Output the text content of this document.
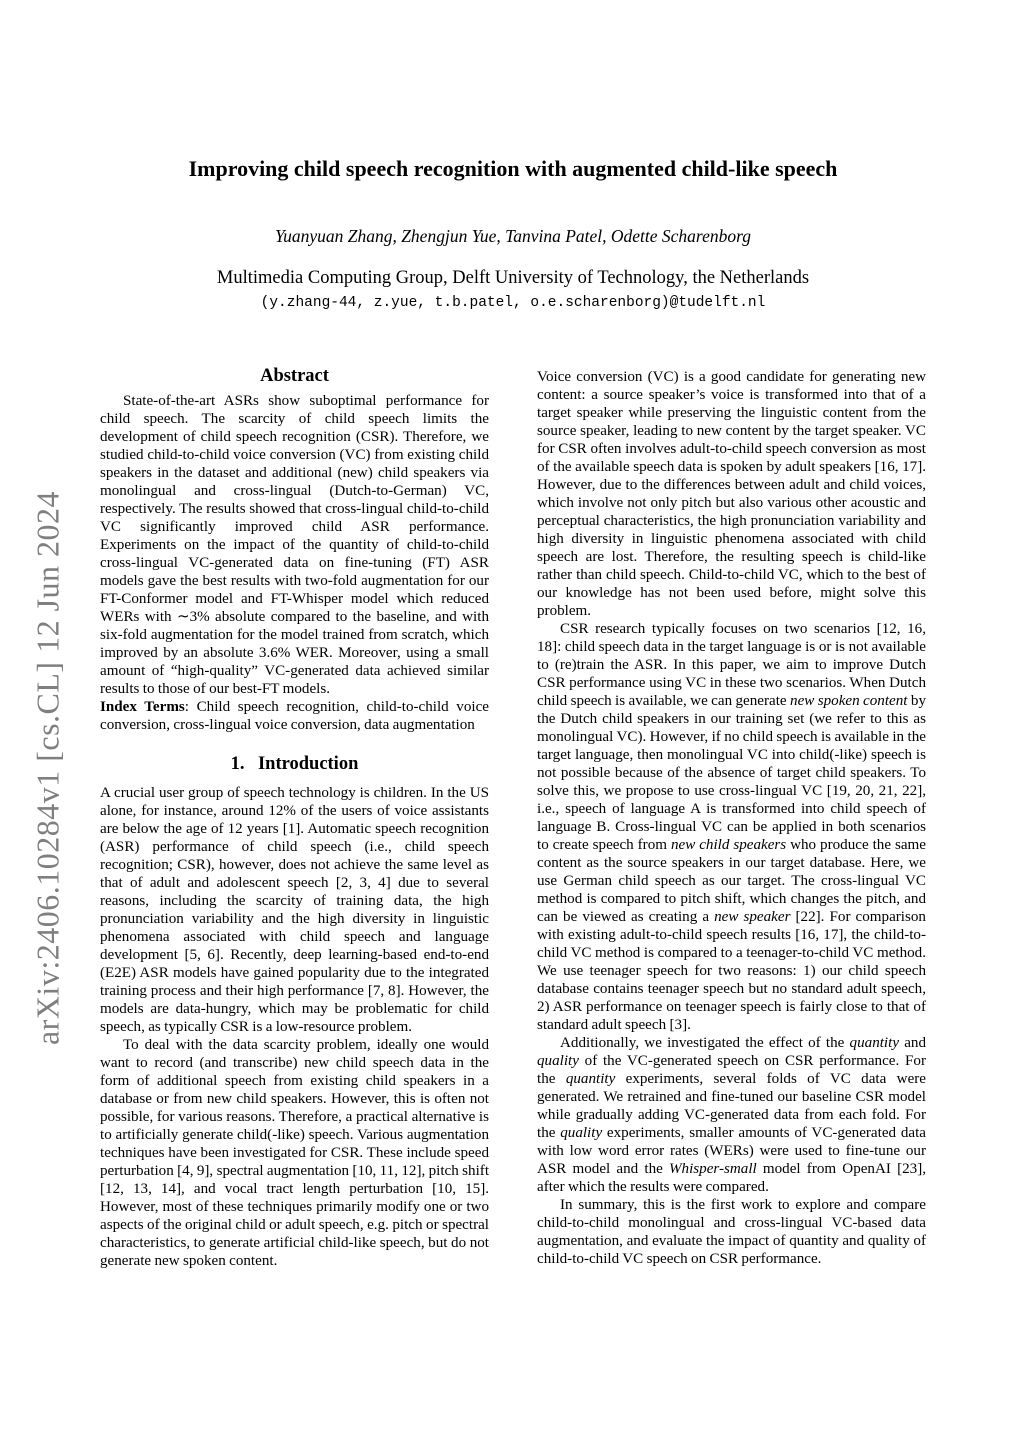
arXiv:2406.10284v1 [cs.CL] 12 Jun 2024
Improving child speech recognition with augmented child-like speech
Yuanyuan Zhang, Zhengjun Yue, Tanvina Patel, Odette Scharenborg
Multimedia Computing Group, Delft University of Technology, the Netherlands
(y.zhang-44, z.yue, t.b.patel, o.e.scharenborg)@tudelft.nl
Abstract

State-of-the-art ASRs show suboptimal performance for child speech. The scarcity of child speech limits the development of child speech recognition (CSR). Therefore, we studied child-to-child voice conversion (VC) from existing child speakers in the dataset and additional (new) child speakers via monolingual and cross-lingual (Dutch-to-German) VC, respectively. The results showed that cross-lingual child-to-child VC significantly improved child ASR performance. Experiments on the impact of the quantity of child-to-child cross-lingual VC-generated data on fine-tuning (FT) ASR models gave the best results with two-fold augmentation for our FT-Conformer model and FT-Whisper model which reduced WERs with ∼3% absolute compared to the baseline, and with six-fold augmentation for the model trained from scratch, which improved by an absolute 3.6% WER. Moreover, using a small amount of “high-quality” VC-generated data achieved similar results to those of our best-FT models.

Index Terms: Child speech recognition, child-to-child voice conversion, cross-lingual voice conversion, data augmentation

1.  Introduction

A crucial user group of speech technology is children. In the US alone, for instance, around 12% of the users of voice assistants are below the age of 12 years [1]. Automatic speech recognition (ASR) performance of child speech (i.e., child speech recognition; CSR), however, does not achieve the same level as that of adult and adolescent speech [2, 3, 4] due to several reasons, including the scarcity of training data, the high pronunciation variability and the high diversity in linguistic phenomena associated with child speech and language development [5, 6]. Recently, deep learning-based end-to-end (E2E) ASR models have gained popularity due to the integrated training process and their high performance [7, 8]. However, the models are data-hungry, which may be problematic for child speech, as typically CSR is a low-resource problem.

To deal with the data scarcity problem, ideally one would want to record (and transcribe) new child speech data in the form of additional speech from existing child speakers in a database or from new child speakers. However, this is often not possible, for various reasons. Therefore, a practical alternative is to artificially generate child(-like) speech. Various augmentation techniques have been investigated for CSR. These include speed perturbation [4, 9], spectral augmentation [10, 11, 12], pitch shift [12, 13, 14], and vocal tract length perturbation [10, 15]. However, most of these techniques primarily modify one or two aspects of the original child or adult speech, e.g. pitch or spectral characteristics, to generate artificial child-like speech, but do not generate new spoken content.

Voice conversion (VC) is a good candidate for generating new content: a source speaker’s voice is transformed into that of a target speaker while preserving the linguistic content from the source speaker, leading to new content by the target speaker. VC for CSR often involves adult-to-child speech conversion as most of the available speech data is spoken by adult speakers [16, 17]. However, due to the differences between adult and child voices, which involve not only pitch but also various other acoustic and perceptual characteristics, the high pronunciation variability and high diversity in linguistic phenomena associated with child speech are lost. Therefore, the resulting speech is child-like rather than child speech. Child-to-child VC, which to the best of our knowledge has not been used before, might solve this problem.

CSR research typically focuses on two scenarios [12, 16, 18]: child speech data in the target language is or is not available to (re)train the ASR. In this paper, we aim to improve Dutch CSR performance using VC in these two scenarios. When Dutch child speech is available, we can generate new spoken content by the Dutch child speakers in our training set (we refer to this as monolingual VC). However, if no child speech is available in the target language, then monolingual VC into child(-like) speech is not possible because of the absence of target child speakers. To solve this, we propose to use cross-lingual VC [19, 20, 21, 22], i.e., speech of language A is transformed into child speech of language B. Cross-lingual VC can be applied in both scenarios to create speech from new child speakers who produce the same content as the source speakers in our target database. Here, we use German child speech as our target. The cross-lingual VC method is compared to pitch shift, which changes the pitch, and can be viewed as creating a new speaker [22]. For comparison with existing adult-to-child speech results [16, 17], the child-to-child VC method is compared to a teenager-to-child VC method. We use teenager speech for two reasons: 1) our child speech database contains teenager speech but no standard adult speech, 2) ASR performance on teenager speech is fairly close to that of standard adult speech [3].

Additionally, we investigated the effect of the quantity and quality of the VC-generated speech on CSR performance. For the quantity experiments, several folds of VC data were generated. We retrained and fine-tuned our baseline CSR model while gradually adding VC-generated data from each fold. For the quality experiments, smaller amounts of VC-generated data with low word error rates (WERs) were used to fine-tune our ASR model and the Whisper-small model from OpenAI [23], after which the results were compared.

In summary, this is the first work to explore and compare child-to-child monolingual and cross-lingual VC-based data augmentation, and evaluate the impact of quantity and quality of child-to-child VC speech on CSR performance.
